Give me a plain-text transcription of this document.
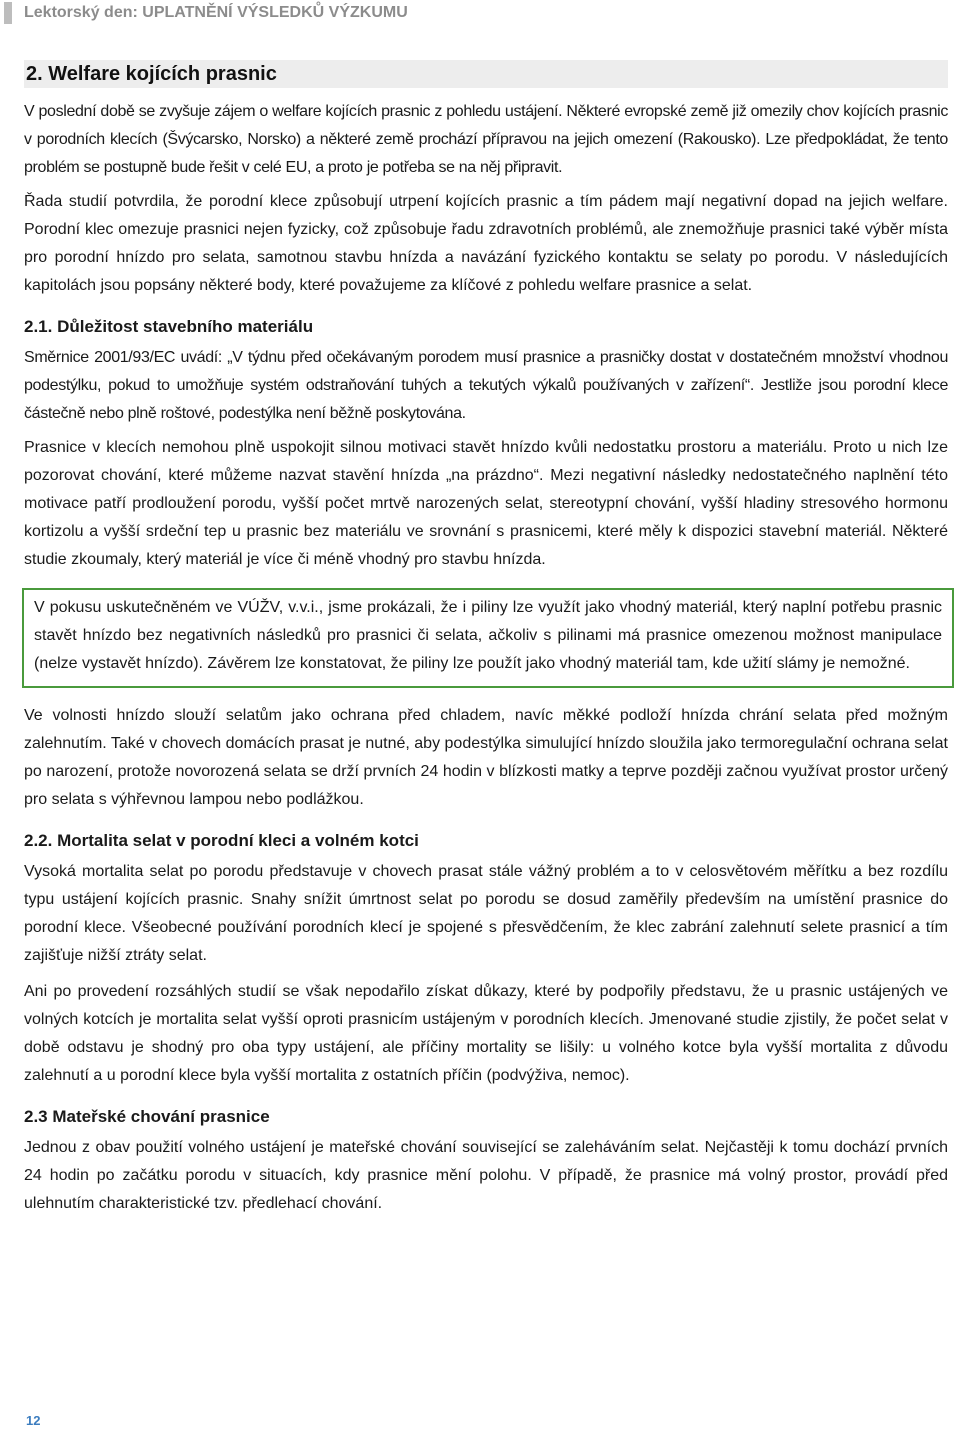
Lektorský den: UPLATNĚNÍ VÝSLEDKŮ VÝZKUMU
2. Welfare kojících prasnic

V poslední době se zvyšuje zájem o welfare kojících prasnic z pohledu ustájení. Některé evropské země již omezily chov kojících prasnic v porodních klecích (Švýcarsko, Norsko) a některé země prochází přípravou na jejich omezení (Rakousko). Lze předpokládat, že tento problém se postupně bude řešit v celé EU, a proto je potřeba se na něj připravit.

Řada studií potvrdila, že porodní klece způsobují utrpení kojících prasnic a tím pádem mají negativní dopad na jejich welfare. Porodní klec omezuje prasnici nejen fyzicky, což způsobuje řadu zdravotních problémů, ale znemožňuje prasnici také výběr místa pro porodní hnízdo pro selata, samotnou stavbu hnízda a navázání fyzického kontaktu se selaty po porodu. V následujících kapitolách jsou popsány některé body, které považujeme za klíčové z pohledu welfare prasnice a selat.

2.1. Důležitost stavebního materiálu

Směrnice 2001/93/EC uvádí: „V týdnu před očekávaným porodem musí prasnice a prasničky dostat v dostatečném množství vhodnou podestýlku, pokud to umožňuje systém odstraňování tuhých a tekutých výkalů používaných v zařízení“. Jestliže jsou porodní klece částečně nebo plně roštové, podestýlka není běžně poskytována.

Prasnice v klecích nemohou plně uspokojit silnou motivaci stavět hnízdo kvůli nedostatku prostoru a materiálu. Proto u nich lze pozorovat chování, které můžeme nazvat stavění hnízda „na prázdno“. Mezi negativní následky nedostatečného naplnění této motivace patří prodloužení porodu, vyšší počet mrtvě narozených selat, stereotypní chování, vyšší hladiny stresového hormonu kortizolu a vyšší srdeční tep u prasnic bez materiálu ve srovnání s prasnicemi, které měly k dispozici stavební materiál. Některé studie zkoumaly, který materiál je více či méně vhodný pro stavbu hnízda.

V pokusu uskutečněném ve VÚŽV, v.v.i., jsme prokázali, že i piliny lze využít jako vhodný materiál, který naplní potřebu prasnic stavět hnízdo bez negativních následků pro prasnici či selata, ačkoliv s pilinami má prasnice omezenou možnost manipulace (nelze vystavět hnízdo). Závěrem lze konstatovat, že piliny lze použít jako vhodný materiál tam, kde užití slámy je nemožné.

Ve volnosti hnízdo slouží selatům jako ochrana před chladem, navíc měkké podloží hnízda chrání selata před možným zalehnutím. Také v chovech domácích prasat je nutné, aby podestýlka simulující hnízdo sloužila jako termoregulační ochrana selat po narození, protože novorozená selata se drží prvních 24 hodin v blízkosti matky a teprve později začnou využívat prostor určený pro selata s výhřevnou lampou nebo podlážkou.

2.2. Mortalita selat v porodní kleci a volném kotci

Vysoká mortalita selat po porodu představuje v chovech prasat stále vážný problém a to v celosvětovém měřítku a bez rozdílu typu ustájení kojících prasnic. Snahy snížit úmrtnost selat po porodu se dosud zaměřily především na umístění prasnice do porodní klece. Všeobecné používání porodních klecí je spojené s přesvědčením, že klec zabrání zalehnutí selete prasnicí a tím zajišťuje nižší ztráty selat.

Ani po provedení rozsáhlých studií se však nepodařilo získat důkazy, které by podpořily představu, že u prasnic ustájených ve volných kotcích je mortalita selat vyšší oproti prasnicím ustájeným v porodních klecích. Jmenované studie zjistily, že počet selat v době odstavu je shodný pro oba typy ustájení, ale příčiny mortality se lišily: u volného kotce byla vyšší mortalita z důvodu zalehnutí a u porodní klece byla vyšší mortalita z ostatních příčin (podvýživa, nemoc).

2.3 Mateřské chování prasnice

Jednou z obav použití volného ustájení je mateřské chování související se zaleháváním selat. Nejčastěji k tomu dochází prvních 24 hodin po začátku porodu v situacích, kdy prasnice mění polohu. V případě, že prasnice má volný prostor, provádí před ulehnutím charakteristické tzv. předlehací chování.

12
